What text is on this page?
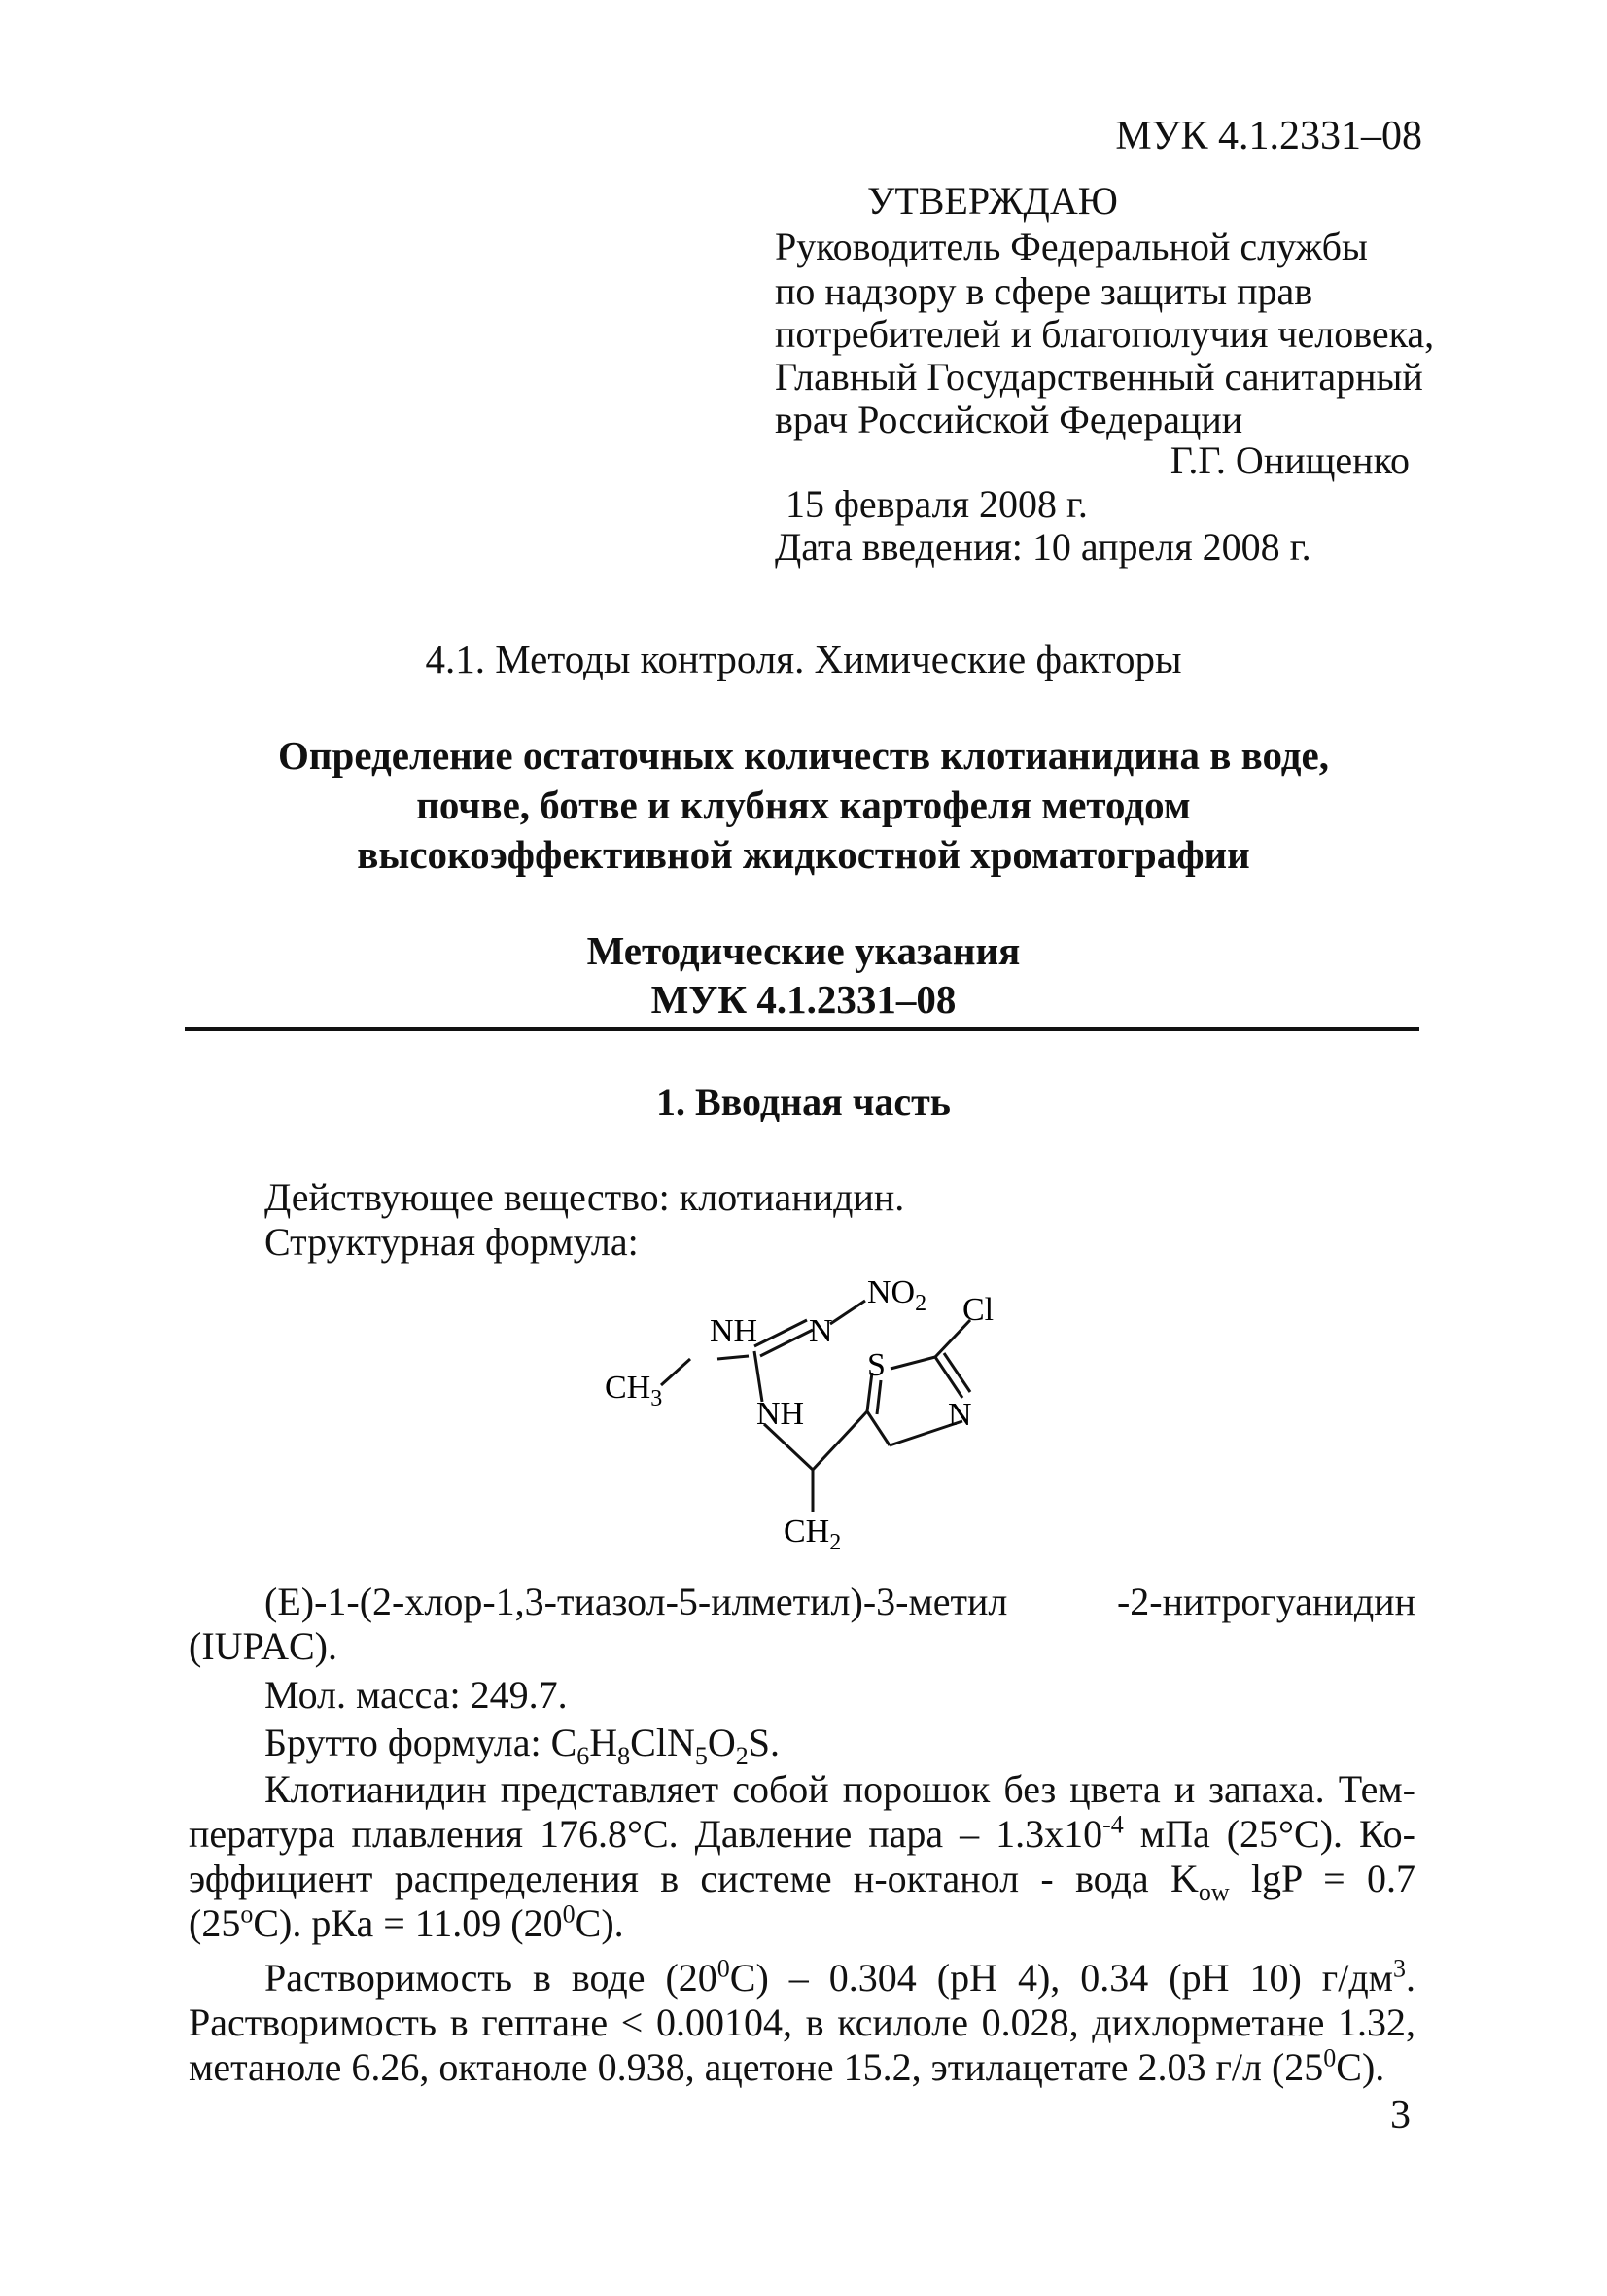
МУК 4.1.2331–08
УТВЕРЖДАЮ
Руководитель Федеральной службы
по надзору в сфере защиты прав
потребителей и благополучия человека,
Главный Государственный санитарный
врач Российской Федерации
Г.Г. Онищенко
15 февраля 2008 г.
Дата введения: 10 апреля 2008 г.
4.1. Методы контроля. Химические факторы
Определение остаточных количеств клотианидина в воде,
почве, ботве и клубнях картофеля методом
высокоэффективной жидкостной хроматографии
Методические указания
МУК 4.1.2331–08
1. Вводная часть
Действующее вещество: клотианидин.
Структурная формула:
$NO_2$
NH N
Cl
$CH_3$
S
NH	N
$CH_2$
(E)-1-(2-хлор-1,3-тиазол-5-илметил)-3-метил -2-нитрогуанидин
(IUPAC).
Мол. масса: 249.7.
Брутто формула: $C_6H_8ClN_5O_2S$.
Клотианидин представляет собой порошок без цвета и запаха. Тем-
пература плавления 176.8°С. Давление пара – $1.3х10^{-4}$ мПа (25°С). Ко-
эффициент распределения в системе н-октанол - вода $K_{ow}$ lgP = 0.7
$(25^оС)$. рКа = 11.09 $(20^0С)$.
Растворимость в воде $(20^0С) - 0.304$ (рН 4), 0.34 (рН 10) $г/дм^3$.
Растворимость в гептане < 0.00104, в ксилоле 0.028, дихлорметане 1.32,
метаноле 6.26, октаноле 0.938, ацетоне 15.2, этилацетате 2.03 г/л $(25^0С)$.
3
